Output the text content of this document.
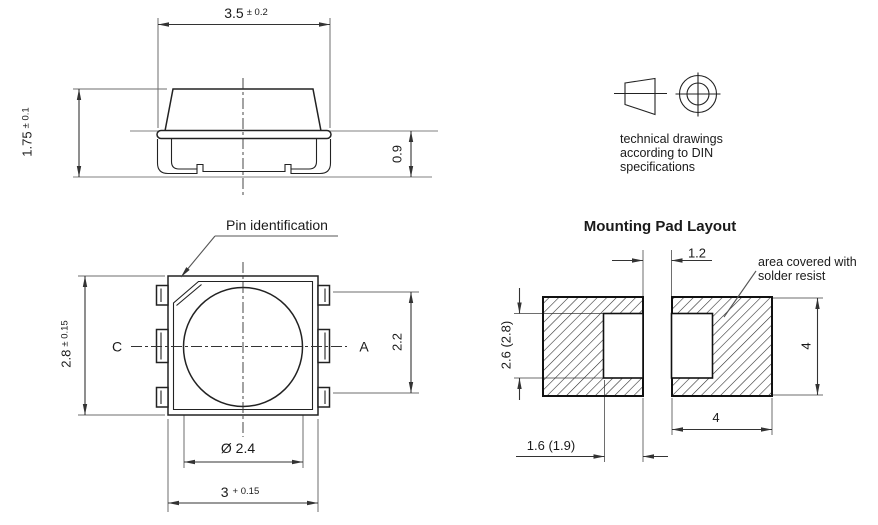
3.5 $^{\pm 0.2}$
$1.75^{\pm 0.1}$
0.9
technical drawings
according to DIN
specifications
$2.8^{\pm 0.15}$	2.2
Ø 2.4
3 $^{+ 0.15}$
Pin identification
C	A
Mounting Pad Layout
1.2
area covered with
solder resist
2.6 (2.8)
1.6 (1.9)
4
4
